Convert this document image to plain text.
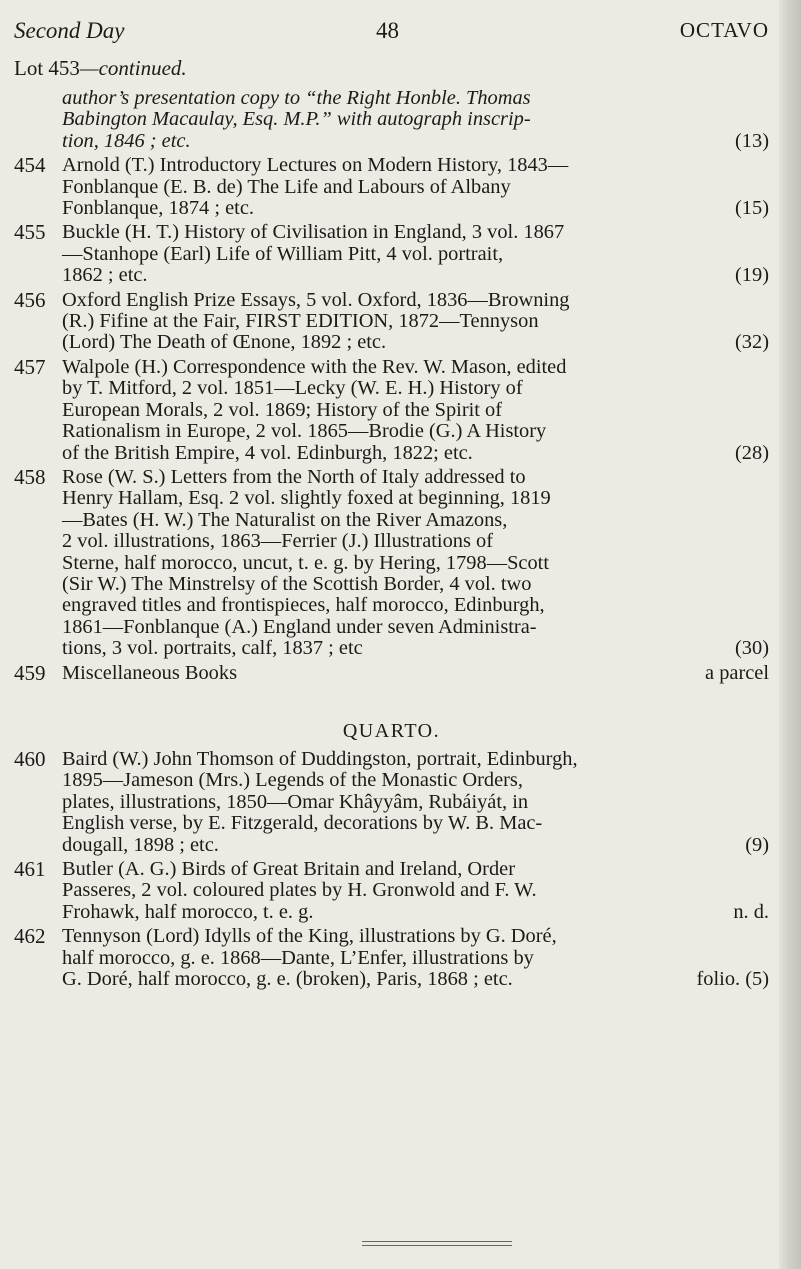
Second Day	48	OCTAVO
Lot 453—continued.
author’s presentation copy to “the Right Honble. Thomas
Babington Macaulay, Esq. M.P.” with autograph inscrip-
tion, 1846 ; etc.	(13)
454 Arnold (T.) Introductory Lectures on Modern History, 1843—
Fonblanque (E. B. de) The Life and Labours of Albany
Fonblanque, 1874 ; etc.	(15)
455 Buckle (H. T.) History of Civilisation in England, 3 vol. 1867
—Stanhope (Earl) Life of William Pitt, 4 vol. portrait,
1862 ; etc.	(19)
456 Oxford English Prize Essays, 5 vol. Oxford, 1836—Browning
(R.) Fifine at the Fair, FIRST EDITION, 1872—Tennyson
(Lord) The Death of Œnone, 1892 ; etc.	(32)
457 Walpole (H.) Correspondence with the Rev. W. Mason, edited
by T. Mitford, 2 vol. 1851—Lecky (W. E. H.) History of
European Morals, 2 vol. 1869; History of the Spirit of
Rationalism in Europe, 2 vol. 1865—Brodie (G.) A History
of the British Empire, 4 vol. Edinburgh, 1822; etc.	(28)
458 Rose (W. S.) Letters from the North of Italy addressed to
Henry Hallam, Esq. 2 vol. slightly foxed at beginning, 1819
—Bates (H. W.) The Naturalist on the River Amazons,
2 vol. illustrations, 1863—Ferrier (J.) Illustrations of
Sterne, half morocco, uncut, t. e. g. by Hering, 1798—Scott
(Sir W.) The Minstrelsy of the Scottish Border, 4 vol. two
engraved titles and frontispieces, half morocco, Edinburgh,
1861—Fonblanque (A.) England under seven Administra-
tions, 3 vol. portraits, calf, 1837 ; etc	(30)
459 Miscellaneous Books	a parcel
QUARTO.
460 Baird (W.) John Thomson of Duddingston, portrait, Edinburgh,
1895—Jameson (Mrs.) Legends of the Monastic Orders,
plates, illustrations, 1850—Omar Khâyyâm, Rubáiyát, in
English verse, by E. Fitzgerald, decorations by W. B. Mac-
dougall, 1898 ; etc.	(9)
461 Butler (A. G.) Birds of Great Britain and Ireland, Order
Passeres, 2 vol. coloured plates by H. Gronwold and F. W.
Frohawk, half morocco, t. e. g.	n. d.
462 Tennyson (Lord) Idylls of the King, illustrations by G. Doré,
half morocco, g. e. 1868—Dante, L’Enfer, illustrations by
G. Doré, half morocco, g. e. (broken), Paris, 1868 ; etc.	folio. (5)
